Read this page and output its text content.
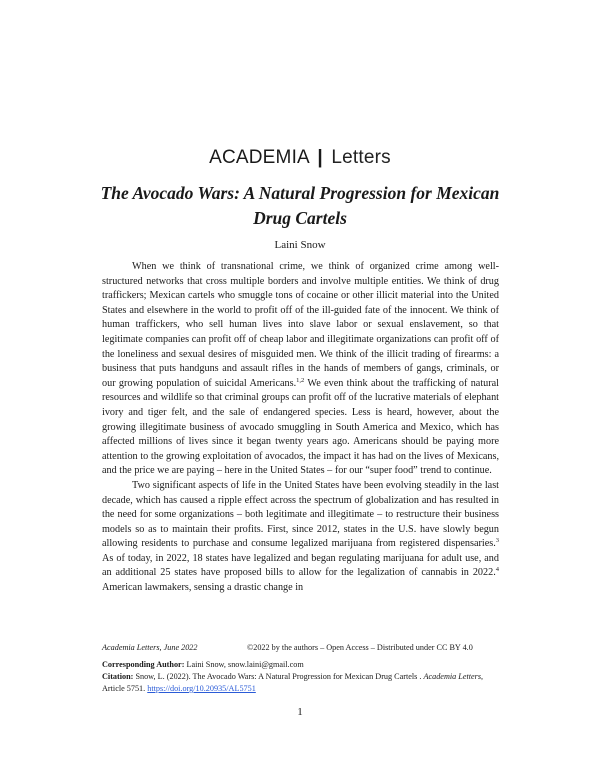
ACADEMIA | Letters
The Avocado Wars: A Natural Progression for Mexican
Drug Cartels
Laini Snow

When we think of transnational crime, we think of organized crime among well-structured networks that cross multiple borders and involve multiple entities. We think of drug traffickers; Mexican cartels who smuggle tons of cocaine or other illicit material into the United States and elsewhere in the world to profit off of the ill-guided fate of the innocent. We think of human traffickers, who sell human lives into slave labor or sexual enslavement, so that legitimate companies can profit off of cheap labor and illegitimate organizations can profit off of the loneliness and sexual desires of misguided men. We think of the illicit trading of firearms: a business that puts handguns and assault rifles in the hands of members of gangs, criminals, or our growing population of suicidal Americans.$^{1,2}$ We even think about the trafficking of natural resources and wildlife so that criminal groups can profit off of the lucrative materials of elephant ivory and tiger felt, and the sale of endangered species. Less is heard, however, about the growing illegitimate business of avocado smuggling in South America and Mexico, which has affected millions of lives since it began twenty years ago. Americans should be paying more attention to the growing exploitation of avocados, the impact it has had on the lives of Mexicans, and the price we are paying – here in the United States – for our “super food” trend to continue.

Two significant aspects of life in the United States have been evolving steadily in the last decade, which has caused a ripple effect across the spectrum of globalization and has resulted in the need for some organizations – both legitimate and illegitimate – to restructure their business models so as to maintain their profits. First, since 2012, states in the U.S. have slowly begun allowing residents to purchase and consume legalized marijuana from registered dispensaries.$^3$ As of today, in 2022, 18 states have legalized and began regulating marijuana for adult use, and an additional 25 states have proposed bills to allow for the legalization of cannabis in 2022.$^4$ American lawmakers, sensing a drastic change in

Academia Letters, June 2022	©2022 by the authors – Open Access – Distributed under CC BY 4.0
Corresponding Author: Laini Snow, snow.laini@gmail.com
Citation: Snow, L. (2022). The Avocado Wars: A Natural Progression for Mexican Drug Cartels . Academia Letters, Article 5751. https://doi.org/10.20935/AL5751
1
